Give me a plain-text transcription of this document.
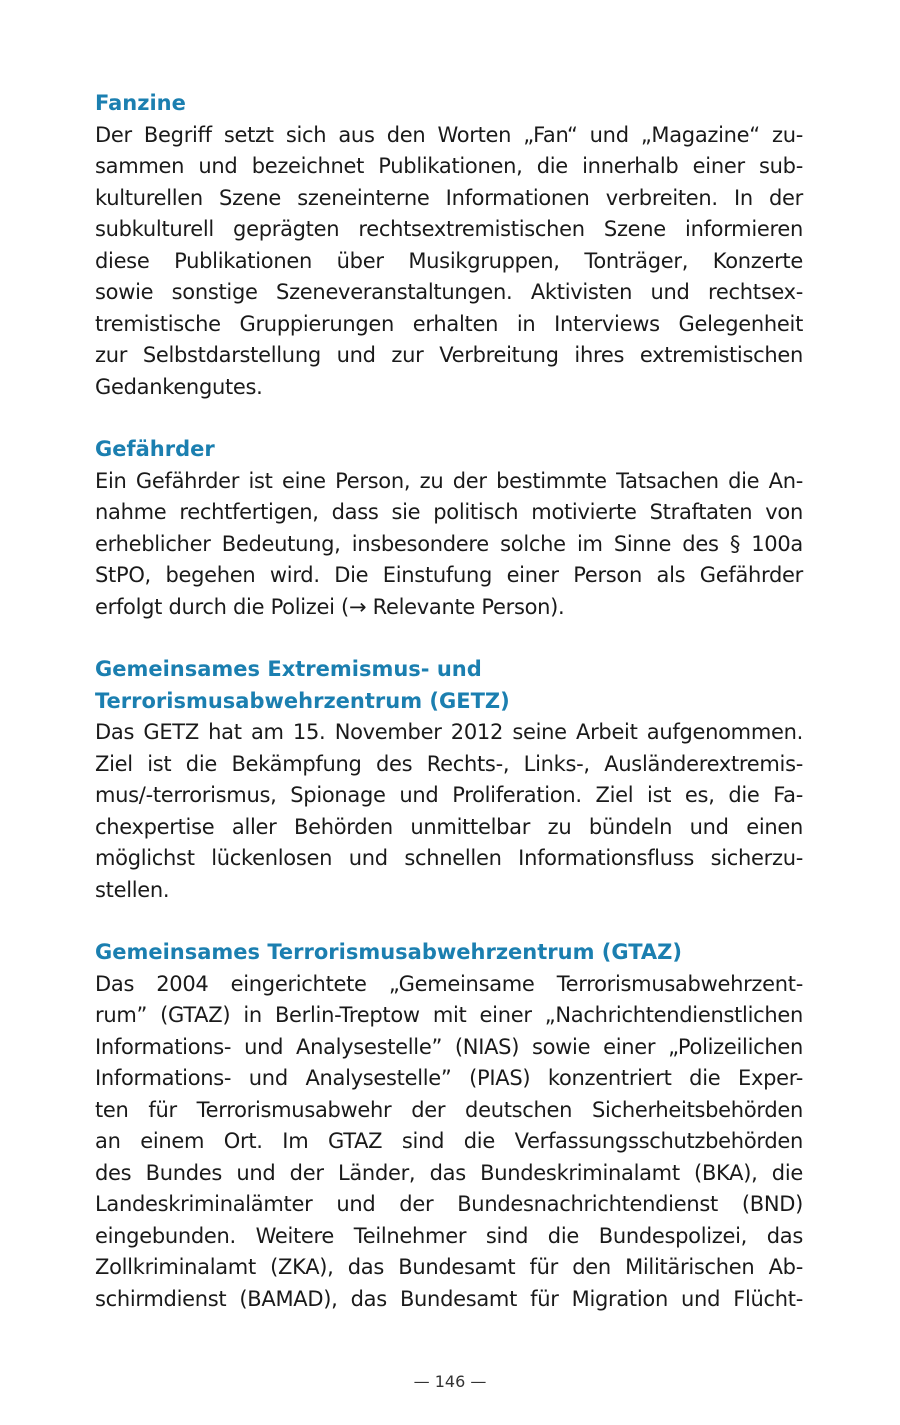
Fanzine

Der Begriff setzt sich aus den Worten „Fan“ und „Magazine“ zu-
sammen und bezeichnet Publikationen, die innerhalb einer sub-
kulturellen Szene szeneinterne Informationen verbreiten. In der
subkulturell geprägten rechtsextremistischen Szene informieren
diese Publikationen über Musikgruppen, Tonträger, Konzerte
sowie sonstige Szeneveranstaltungen. Aktivisten und rechtsex-
tremistische Gruppierungen erhalten in Interviews Gelegenheit
zur Selbstdarstellung und zur Verbreitung ihres extremistischen
Gedankengutes.

Gefährder

Ein Gefährder ist eine Person, zu der bestimmte Tatsachen die An-
nahme rechtfertigen, dass sie politisch motivierte Straftaten von
erheblicher Bedeutung, insbesondere solche im Sinne des § 100a
StPO, begehen wird. Die Einstufung einer Person als Gefährder
erfolgt durch die Polizei (→ Relevante Person).

Gemeinsames Extremismus- und
Terrorismusabwehrzentrum (GETZ)

Das GETZ hat am 15. November 2012 seine Arbeit aufgenommen.
Ziel ist die Bekämpfung des Rechts-, Links-, Ausländerextremis-
mus/-terrorismus, Spionage und Proliferation. Ziel ist es, die Fa-
chexpertise aller Behörden unmittelbar zu bündeln und einen
möglichst lückenlosen und schnellen Informationsfluss sicherzu-
stellen.

Gemeinsames Terrorismusabwehrzentrum (GTAZ)

Das 2004 eingerichtete „Gemeinsame Terrorismusabwehrzent-
rum” (GTAZ) in Berlin-Treptow mit einer „Nachrichtendienstlichen
Informations- und Analysestelle” (NIAS) sowie einer „Polizeilichen
Informations- und Analysestelle” (PIAS) konzentriert die Exper-
ten für Terrorismusabwehr der deutschen Sicherheitsbehörden
an einem Ort. Im GTAZ sind die Verfassungsschutzbehörden
des Bundes und der Länder, das Bundeskriminalamt (BKA), die
Landeskriminalämter und der Bundesnachrichtendienst (BND)
eingebunden. Weitere Teilnehmer sind die Bundespolizei, das
Zollkriminalamt (ZKA), das Bundesamt für den Militärischen Ab-
schirmdienst (BAMAD), das Bundesamt für Migration und Flücht-

— 146 —
